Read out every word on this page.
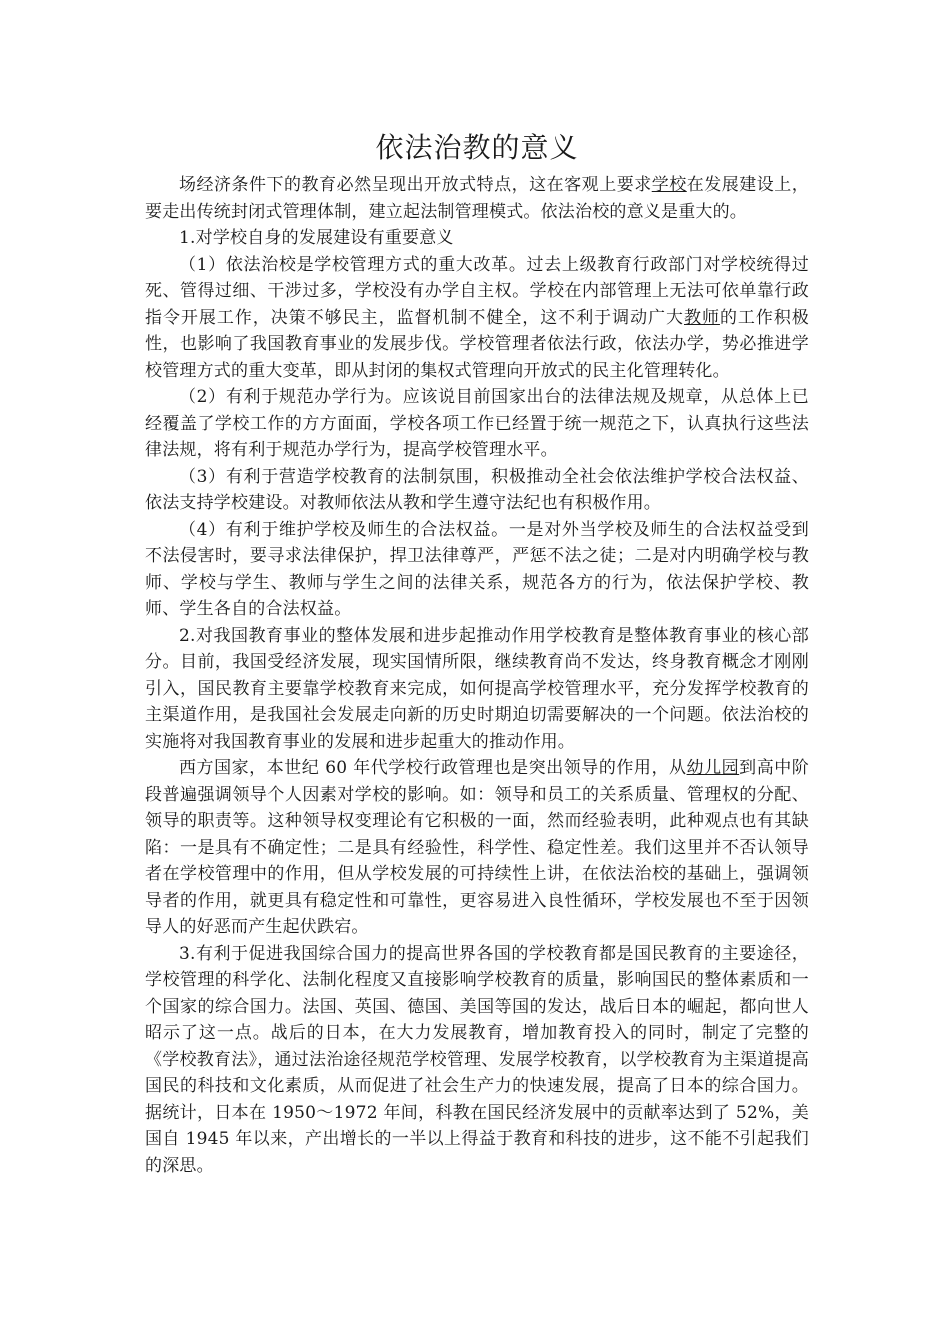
依法治教的意义

场经济条件下的教育必然呈现出开放式特点，这在客观上要求学校在发展建设上，要走出传统封闭式管理体制，建立起法制管理模式。依法治校的意义是重大的。

1.对学校自身的发展建设有重要意义

（1）依法治校是学校管理方式的重大改革。过去上级教育行政部门对学校统得过死、管得过细、干涉过多，学校没有办学自主权。学校在内部管理上无法可依单靠行政指令开展工作，决策不够民主，监督机制不健全，这不利于调动广大教师的工作积极性，也影响了我国教育事业的发展步伐。学校管理者依法行政，依法办学，势必推进学校管理方式的重大变革，即从封闭的集权式管理向开放式的民主化管理转化。

（2）有利于规范办学行为。应该说目前国家出台的法律法规及规章，从总体上已经覆盖了学校工作的方方面面，学校各项工作已经置于统一规范之下，认真执行这些法律法规，将有利于规范办学行为，提高学校管理水平。

（3）有利于营造学校教育的法制氛围，积极推动全社会依法维护学校合法权益、依法支持学校建设。对教师依法从教和学生遵守法纪也有积极作用。

（4）有利于维护学校及师生的合法权益。一是对外当学校及师生的合法权益受到不法侵害时，要寻求法律保护，捍卫法律尊严，严惩不法之徒；二是对内明确学校与教师、学校与学生、教师与学生之间的法律关系，规范各方的行为，依法保护学校、教师、学生各自的合法权益。

2.对我国教育事业的整体发展和进步起推动作用学校教育是整体教育事业的核心部分。目前，我国受经济发展，现实国情所限，继续教育尚不发达，终身教育概念才刚刚引入，国民教育主要靠学校教育来完成，如何提高学校管理水平，充分发挥学校教育的主渠道作用，是我国社会发展走向新的历史时期迫切需要解决的一个问题。依法治校的实施将对我国教育事业的发展和进步起重大的推动作用。

西方国家，本世纪 60 年代学校行政管理也是突出领导的作用，从幼儿园到高中阶段普遍强调领导个人因素对学校的影响。如：领导和员工的关系质量、管理权的分配、领导的职责等。这种领导权变理论有它积极的一面，然而经验表明，此种观点也有其缺陷：一是具有不确定性；二是具有经验性，科学性、稳定性差。我们这里并不否认领导者在学校管理中的作用，但从学校发展的可持续性上讲，在依法治校的基础上，强调领导者的作用，就更具有稳定性和可靠性，更容易进入良性循环，学校发展也不至于因领导人的好恶而产生起伏跌宕。

3.有利于促进我国综合国力的提高世界各国的学校教育都是国民教育的主要途径，学校管理的科学化、法制化程度又直接影响学校教育的质量，影响国民的整体素质和一个国家的综合国力。法国、英国、德国、美国等国的发达，战后日本的崛起，都向世人昭示了这一点。战后的日本，在大力发展教育，增加教育投入的同时，制定了完整的《学校教育法》，通过法治途径规范学校管理、发展学校教育，以学校教育为主渠道提高国民的科技和文化素质，从而促进了社会生产力的快速发展，提高了日本的综合国力。据统计，日本在 1950～1972 年间，科教在国民经济发展中的贡献率达到了 52%，美国自 1945 年以来，产出增长的一半以上得益于教育和科技的进步，这不能不引起我们的深思。
